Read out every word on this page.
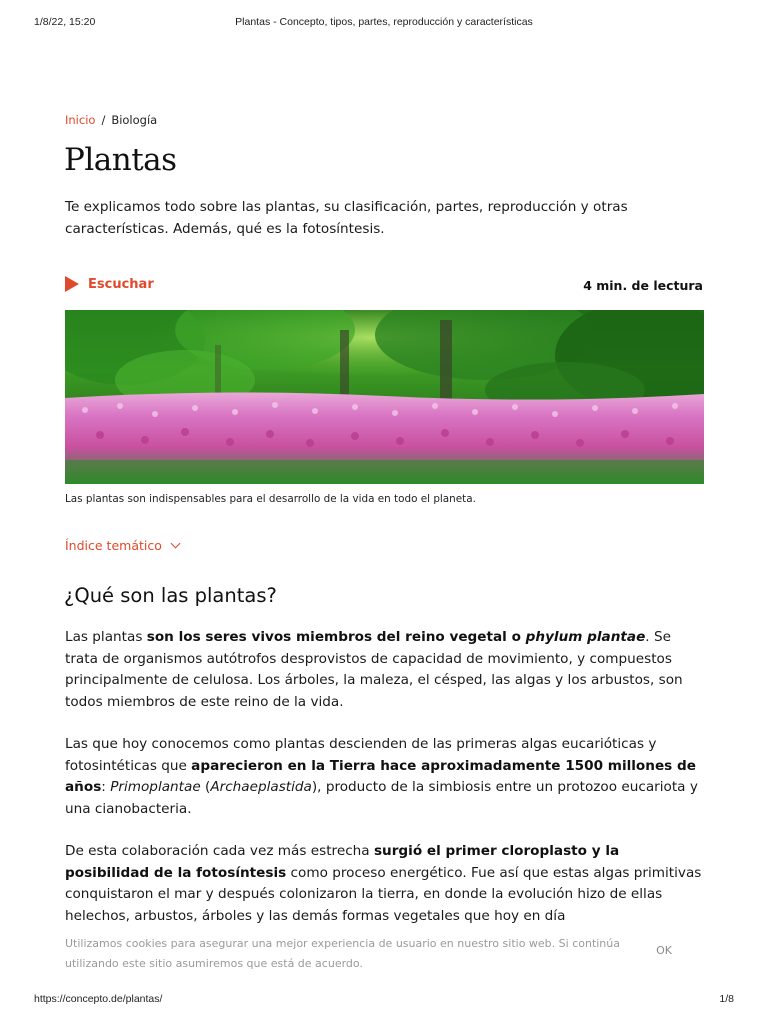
1/8/22, 15:20	Plantas - Concepto, tipos, partes, reproducción y características
Inicio / Biología
Plantas

Te explicamos todo sobre las plantas, su clasificación, partes, reproducción y otras características. Además, qué es la fotosíntesis.

Escuchar	4 min. de lectura

Las plantas son indispensables para el desarrollo de la vida en todo el planeta.

Índice temático
¿Qué son las plantas?

Las plantas son los seres vivos miembros del reino vegetal o phylum plantae. Se trata de organismos autótrofos desprovistos de capacidad de movimiento, y compuestos principalmente de celulosa. Los árboles, la maleza, el césped, las algas y los arbustos, son todos miembros de este reino de la vida.

Las que hoy conocemos como plantas descienden de las primeras algas eucarióticas y fotosintéticas que aparecieron en la Tierra hace aproximadamente 1500 millones de años: Primoplantae (Archaeplastida), producto de la simbiosis entre un protozoo eucariota y una cianobacteria.

De esta colaboración cada vez más estrecha surgió el primer cloroplasto y la posibilidad de la fotosíntesis como proceso energético. Fue así que estas algas primitivas conquistaron el mar y después colonizaron la tierra, en donde la evolución hizo de ellas helechos, arbustos, árboles y las demás formas vegetales que hoy en día

Utilizamos cookies para asegurar una mejor experiencia de usuario en nuestro sitio web. Si continúa utilizando este sitio asumiremos que está de acuerdo.

OK
https://concepto.de/plantas/	1/8
